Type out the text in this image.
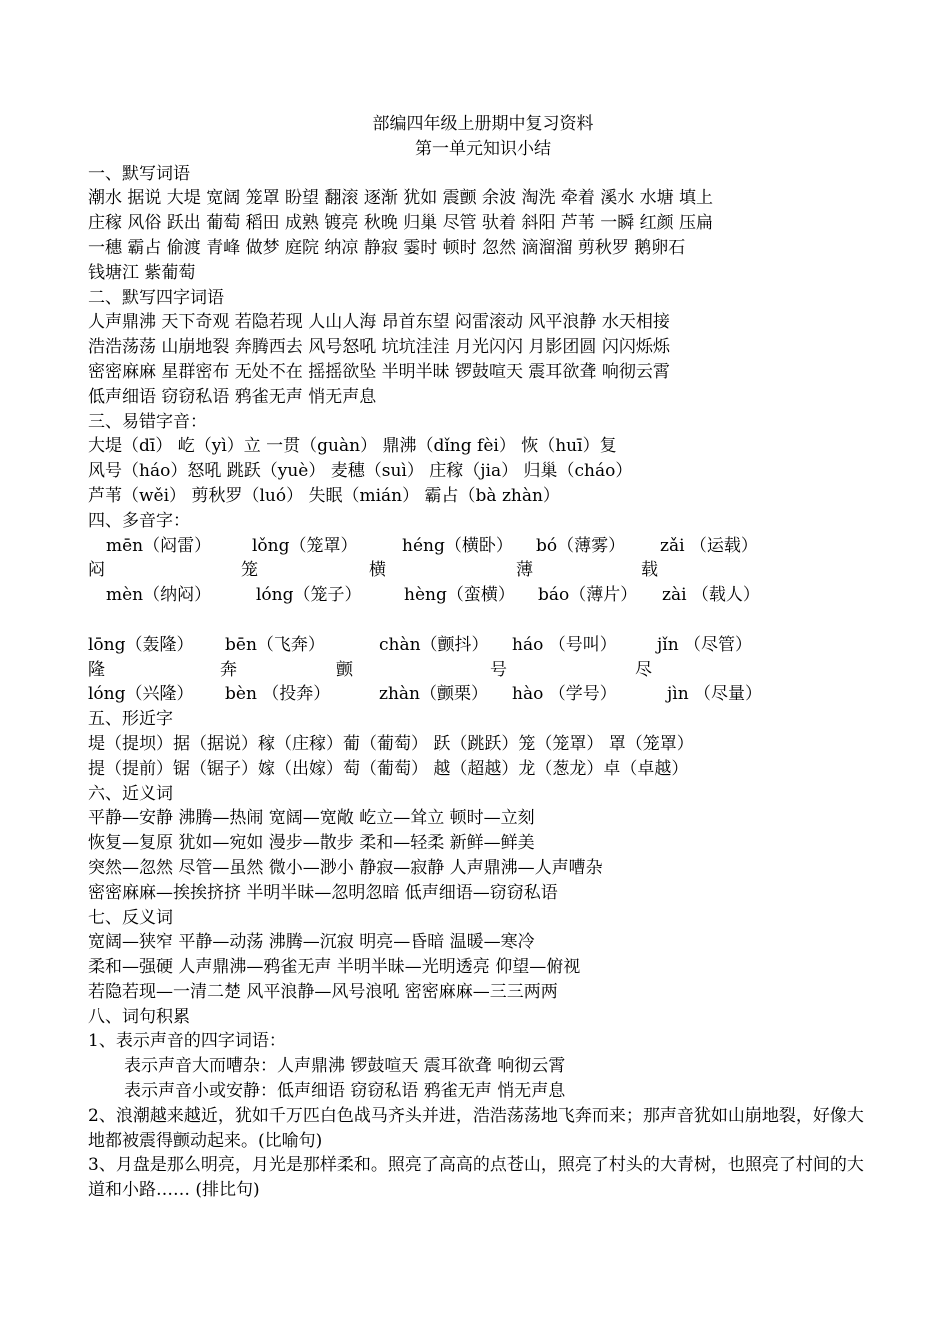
部编四年级上册期中复习资料
第一单元知识小结
一、默写词语
潮水 据说 大堤 宽阔 笼罩 盼望 翻滚 逐渐 犹如 震颤 余波 淘洗 牵着 溪水 水塘 填上
庄稼 风俗 跃出 葡萄 稻田 成熟 镀亮 秋晚 归巢 尽管 驮着 斜阳 芦苇 一瞬 红颜 压扁
一穗 霸占 偷渡 青峰 做梦 庭院 纳凉 静寂 霎时 顿时 忽然 滴溜溜 剪秋罗 鹅卵石
钱塘江 紫葡萄
二、默写四字词语
人声鼎沸 天下奇观 若隐若现 人山人海 昂首东望 闷雷滚动 风平浪静 水天相接
浩浩荡荡 山崩地裂 奔腾西去 风号怒吼 坑坑洼洼 月光闪闪 月影团圆 闪闪烁烁
密密麻麻 星群密布 无处不在 摇摇欲坠 半明半昧 锣鼓喧天 震耳欲聋 响彻云霄
低声细语 窃窃私语 鸦雀无声 悄无声息
三、易错字音：
大堤（dī） 屹（yì）立 一贯（guàn） 鼎沸（dǐng fèi） 恢（huī）复
风号（háo）怒吼 跳跃（yuè） 麦穗（suì） 庄稼（jia） 归巢（cháo）
芦苇（wěi） 剪秋罗（luó） 失眠（mián） 霸占（bà zhàn）
四、多音字：
mēn（闷雷）	lǒng（笼罩）	héng（横卧）	bó（薄雾）	zǎi （运载）
闷	笼	横	薄	载
mèn（纳闷）	lóng（笼子）	hèng（蛮横）	báo（薄片）	zài （载人）
lōng（轰隆）	bēn（飞奔）	chàn（颤抖）	háo （号叫）	jǐn （尽管）
隆	奔	颤	号	尽
lóng（兴隆）	bèn （投奔）	zhàn（颤栗）	hào （学号）	jìn （尽量）
五、形近字
堤（提坝）据（据说）稼（庄稼）葡（葡萄） 跃（跳跃）笼（笼罩） 罩（笼罩）
提（提前）锯（锯子）嫁（出嫁）萄（葡萄） 越（超越）龙（葱龙）卓（卓越）
六、近义词
平静—安静 沸腾—热闹 宽阔—宽敞 屹立—耸立 顿时—立刻
恢复—复原 犹如—宛如 漫步—散步 柔和—轻柔 新鲜—鲜美
突然—忽然 尽管—虽然 微小—渺小 静寂—寂静 人声鼎沸—人声嘈杂
密密麻麻—挨挨挤挤 半明半昧—忽明忽暗 低声细语—窃窃私语
七、反义词
宽阔—狭窄 平静—动荡 沸腾—沉寂 明亮—昏暗 温暖—寒冷
柔和—强硬 人声鼎沸—鸦雀无声 半明半昧—光明透亮 仰望—俯视
若隐若现—一清二楚 风平浪静—风号浪吼 密密麻麻—三三两两
八、词句积累
1、表示声音的四字词语：
表示声音大而嘈杂：人声鼎沸 锣鼓喧天 震耳欲聋 响彻云霄
表示声音小或安静：低声细语 窃窃私语 鸦雀无声 悄无声息
2、浪潮越来越近，犹如千万匹白色战马齐头并进，浩浩荡荡地飞奔而来；那声音犹如山崩地裂，好像大地都被震得颤动起来。(比喻句)
3、月盘是那么明亮，月光是那样柔和。照亮了高高的点苍山，照亮了村头的大青树，也照亮了村间的大道和小路…… (排比句)
